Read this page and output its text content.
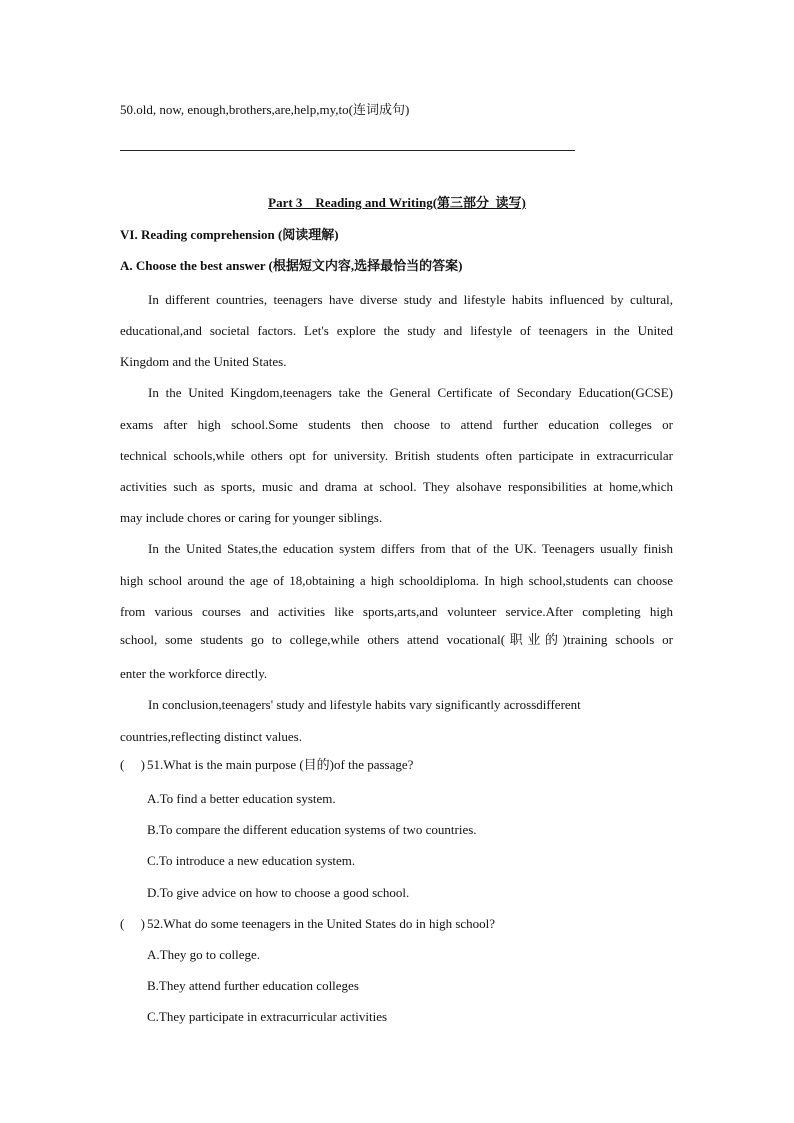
50.old, now, enough,brothers,are,help,my,to(连词成句)
Part 3    Reading and Writing(第三部分  读写)
VI. Reading comprehension (阅读理解)
A. Choose the best answer (根据短文内容,选择最恰当的答案)
In different countries, teenagers have diverse study and lifestyle habits influenced by cultural,
educational,and societal factors. Let's explore the study and lifestyle of teenagers in the United
Kingdom and the United States.
In the United Kingdom,teenagers take the General Certificate of Secondary Education(GCSE)
exams after high school.Some students then choose to attend further education colleges or
technical schools,while others opt for university. British students often participate in extracurricular
activities such as sports, music and drama at school. They alsohave responsibilities at home,which
may include chores or caring for younger siblings.
In the United States,the education system differs from that of the UK. Teenagers usually finish
high school around the age of 18,obtaining a high schooldiploma. In high school,students can choose
from various courses and activities like sports,arts,and volunteer service.After completing high
school, some students go to college,while others attend vocational(职业的)training schools or
enter the workforce directly.
In conclusion,teenagers' study and lifestyle habits vary significantly acrossdifferent
countries,reflecting distinct values.
(     ) 51.What is the main purpose (目的)of the passage?
A.To find a better education system.
B.To compare the different education systems of two countries.
C.To introduce a new education system.
D.To give advice on how to choose a good school.
(     ) 52.What do some teenagers in the United States do in high school?
A.They go to college.
B.They attend further education colleges
C.They participate in extracurricular activities
